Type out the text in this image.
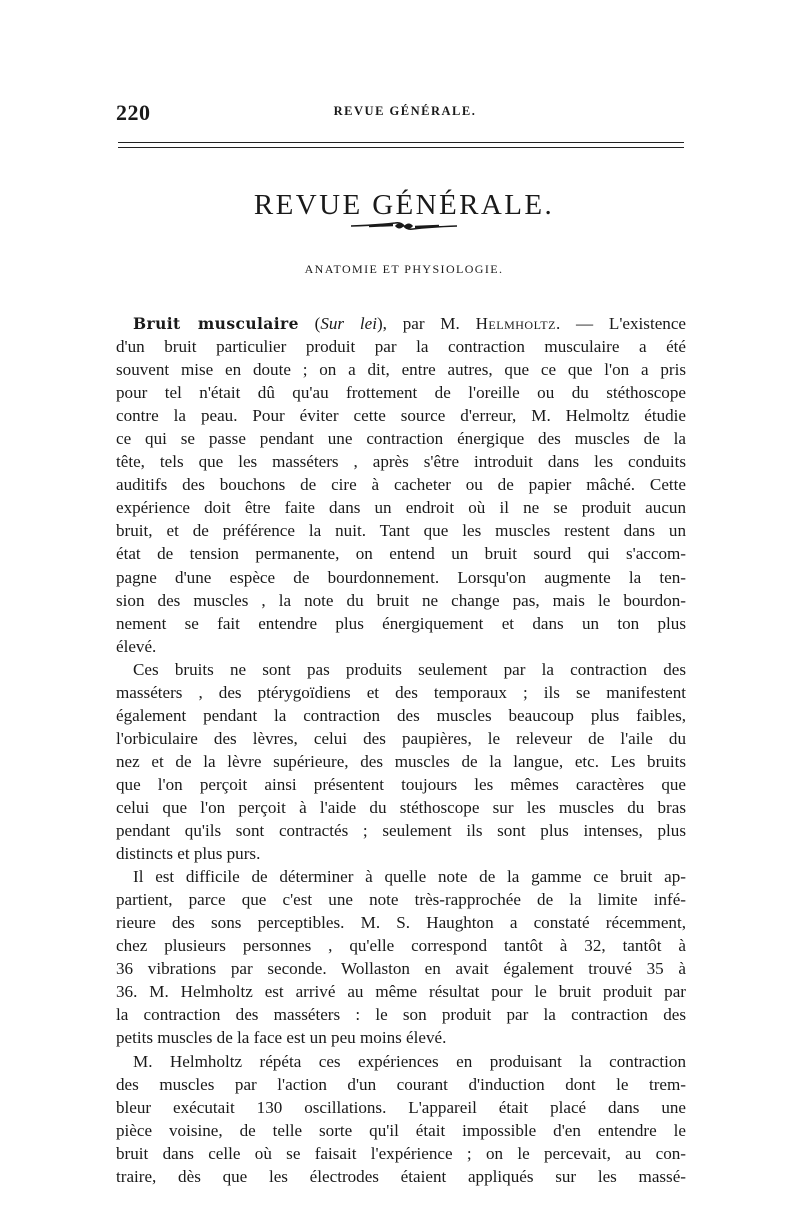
220	REVUE GÉNÉRALE.
REVUE GÉNÉRALE.
ANATOMIE ET PHYSIOLOGIE.
Bruit musculaire (Sur lei), par M. Helmholtz. — L'existence
d'un bruit particulier produit par la contraction musculaire a été
souvent mise en doute ; on a dit, entre autres, que ce que l'on a pris
pour tel n'était dû qu'au frottement de l'oreille ou du stéthoscope
contre la peau. Pour éviter cette source d'erreur, M. Helmoltz étudie
ce qui se passe pendant une contraction énergique des muscles de la
tête, tels que les masséters , après s'être introduit dans les conduits
auditifs des bouchons de cire à cacheter ou de papier mâché. Cette
expérience doit être faite dans un endroit où il ne se produit aucun
bruit, et de préférence la nuit. Tant que les muscles restent dans un
état de tension permanente, on entend un bruit sourd qui s'accom-
pagne d'une espèce de bourdonnement. Lorsqu'on augmente la ten-
sion des muscles , la note du bruit ne change pas, mais le bourdon-
nement se fait entendre plus énergiquement et dans un ton plus
élevé.
Ces bruits ne sont pas produits seulement par la contraction des
masséters , des ptérygoïdiens et des temporaux ; ils se manifestent
également pendant la contraction des muscles beaucoup plus faibles,
l'orbiculaire des lèvres, celui des paupières, le releveur de l'aile du
nez et de la lèvre supérieure, des muscles de la langue, etc. Les bruits
que l'on perçoit ainsi présentent toujours les mêmes caractères que
celui que l'on perçoit à l'aide du stéthoscope sur les muscles du bras
pendant qu'ils sont contractés ; seulement ils sont plus intenses, plus
distincts et plus purs.
Il est difficile de déterminer à quelle note de la gamme ce bruit ap-
partient, parce que c'est une note très-rapprochée de la limite infé-
rieure des sons perceptibles. M. S. Haughton a constaté récemment,
chez plusieurs personnes , qu'elle correspond tantôt à 32, tantôt à
36 vibrations par seconde. Wollaston en avait également trouvé 35 à
36. M. Helmholtz est arrivé au même résultat pour le bruit produit par
la contraction des masséters : le son produit par la contraction des
petits muscles de la face est un peu moins élevé.
M. Helmholtz répéta ces expériences en produisant la contraction
des muscles par l'action d'un courant d'induction dont le trem-
bleur exécutait 130 oscillations. L'appareil était placé dans une
pièce voisine, de telle sorte qu'il était impossible d'en entendre le
bruit dans celle où se faisait l'expérience ; on le percevait, au con-
traire, dès que les électrodes étaient appliqués sur les massé-
